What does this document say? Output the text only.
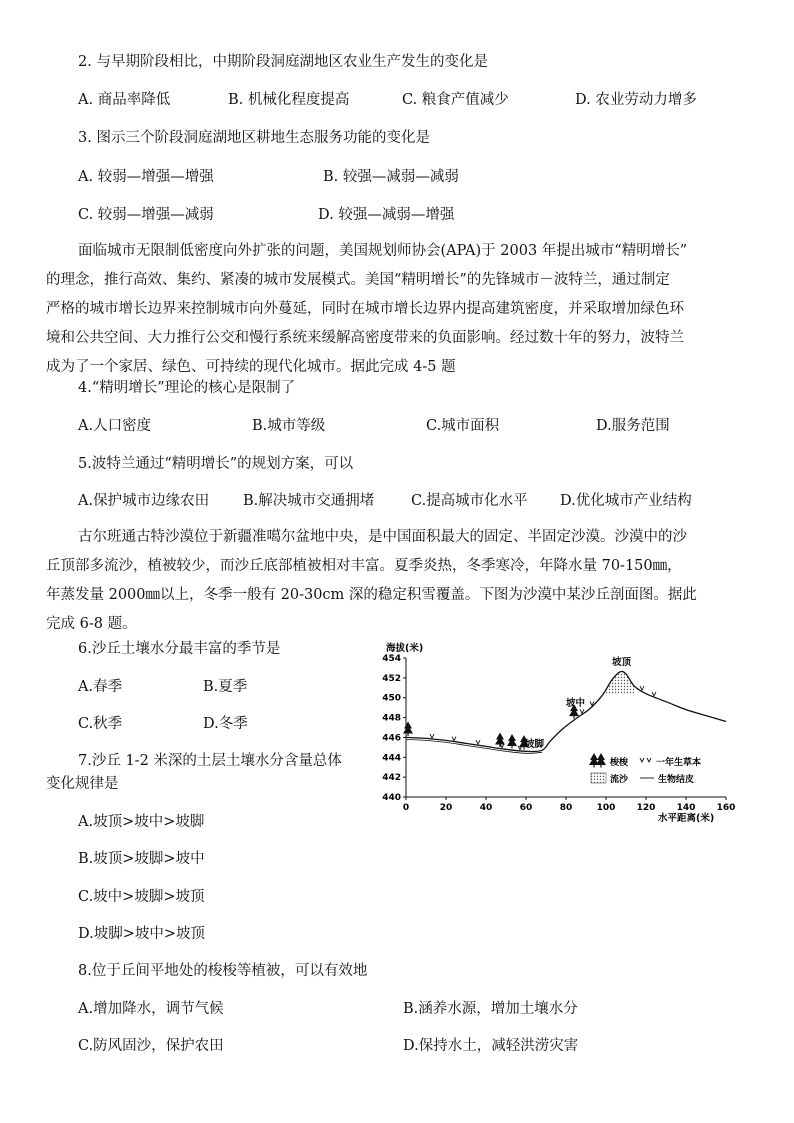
2. 与早期阶段相比，中期阶段洞庭湖地区农业生产发生的变化是
A. 商品率降低	B. 机械化程度提高	C. 粮食产值减少	D. 农业劳动力增多
3. 图示三个阶段洞庭湖地区耕地生态服务功能的变化是
A. 较弱—增强—增强	B. 较强—减弱—减弱
C. 较弱—增强—减弱	D. 较强—减弱—增强
面临城市无限制低密度向外扩张的问题，美国规划师协会(APA)于 2003 年提出城市“精明增长”
的理念，推行高效、集约、紧凑的城市发展模式。美国“精明增长”的先锋城市－波特兰，通过制定
严格的城市增长边界来控制城市向外蔓延，同时在城市增长边界内提高建筑密度，并采取增加绿色环
境和公共空间、大力推行公交和慢行系统来缓解高密度带来的负面影响。经过数十年的努力，波特兰
成为了一个家居、绿色、可持续的现代化城市。据此完成 4-5 题
4.“精明增长”理论的核心是限制了
A.人口密度	B.城市等级	C.城市面积	D.服务范围
5.波特兰通过“精明增长”的规划方案，可以
A.保护城市边缘农田 B.解决城市交通拥堵	C.提高城市化水平 D.优化城市产业结构
古尔班通古特沙漠位于新疆准噶尔盆地中央，是中国面积最大的固定、半固定沙漠。沙漠中的沙
丘顶部多流沙，植被较少，而沙丘底部植被相对丰富。夏季炎热，冬季寒冷，年降水量 70-150㎜，
年蒸发量 2000㎜以上，冬季一般有 20-30cm 深的稳定积雪覆盖。下图为沙漠中某沙丘剖面图。据此
完成 6-8 题。
6.沙丘土壤水分最丰富的季节是
A.春季	B.夏季
C.秋季	D.冬季
7.沙丘 1-2 米深的土层土壤水分含量总体
变化规律是
A.坡顶>坡中>坡脚
B.坡顶>坡脚>坡中
C.坡中>坡脚>坡顶
D.坡脚>坡中>坡顶
8.位于丘间平地处的梭梭等植被，可以有效地
A.增加降水，调节气候	B.涵养水源，增加土壤水分
C.防风固沙，保护农田	D.保持水土，减轻洪涝灾害
海拔(米)
水平距离(米)
440
442
444
446
448
450
452
454
0	20	40	60	80	100 120 140 160
坡顶
坡中
坡脚
梭梭	一年生草本
流沙	生物结皮
